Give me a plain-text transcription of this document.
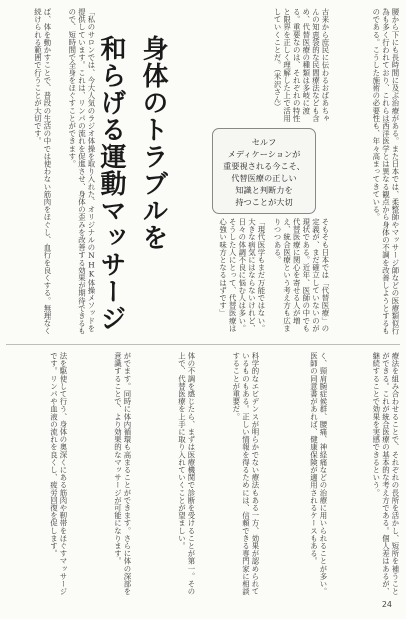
腰から下にも長時間に及ぶ治療がある。また日本では、柔整師やマッサージ師などの医療類似行為も多く行われており、これらは西洋医学とは異なる観点から身体の不調を改善しようとするものである。こうした施術の必要性も、年々高まってきている。
古来から庶民に伝わるおばあちゃんの知恵袋的な民間療法なども含め、代替医療の種類は多岐に渡る。重要なのは、それぞれの特性と限界を正しく理解した上で活用していくことだ。（米沢さん）
そもそも日本では「代替医療」の定義が、まだ確立していないのが現状である。近年、医師の中でも代替医療に関心を寄せる人が増え、統合医療という考え方も広まりつつある。
「現代医学もまだ万能ではない。大きな病気にはならないけれど、日々の体調不良に悩む人は多い。そうした人にとって、代替医療は心強い味方となるはずです」
「私のサロンでは、今大人気のラジオ体操を取り入れた、オリジナルのNHK体操メソッドを提供しています。これは、リンパの流れを促進させ、身体の歪みを改善する効果が期待できるもので、短時間で全身をほぐすことができます。
ば、体を動かすことで、普段の生活の中では使わない筋肉をほぐし、血行を良くする。無理なく続けられる範囲で行うことが大切です。	身体のトラブルを
和らげる運動マッサージ	セルフ
メディケーションが
重要視される今こそ、
代替医療の正しい
知識と判断力を
持つことが大切
療法を組み合わせることで、それぞれの長所を活かし、短所を補うことができる。これが統合医療の基本的な考え方である。個人差はあるが、継続することで効果を実感できるという。
く、頸肩腕症候群、腰痛、神経痛などの治療に用いられることが多い。医師の同意書があれば、健康保険が適用されるケースもある。
科学的なエビデンスが明らかでない療法もある一方、効果が認められているものもある。正しい情報を得るためには、信頼できる専門家に相談することが重要だ。
体の不調を感じたら、まずは医療機関で診断を受けることが第一。その上で、代替医療を上手に取り入れていくことが望ましい。
がでます。同時に体内循環も高まることができます。さらに体の深部を意識することで、より効果的なマッサージが可能になります。
法を駆使して行う、身体の奥深くにある筋肉や靭帯をほぐすマッサージです。リンパや血液の流れを良くし、疲労回復を促します。
24
